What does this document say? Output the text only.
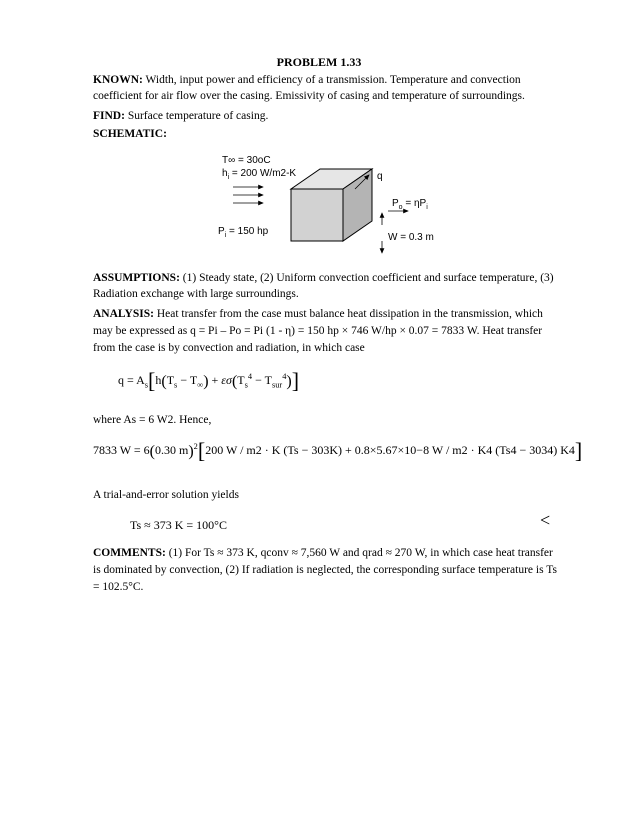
PROBLEM 1.33
KNOWN: Width, input power and efficiency of a transmission. Temperature and convection coefficient for air flow over the casing. Emissivity of casing and temperature of surroundings.
FIND: Surface temperature of casing.
SCHEMATIC:
T∞ = 30oC
$h_i = 200$ W/m2-K	q
$P_o = \eta P_i$
$P_i = 150$ hp
W = 0.3 m
ASSUMPTIONS: (1) Steady state, (2) Uniform convection coefficient and surface temperature, (3) Radiation exchange with large surroundings.
ANALYSIS: Heat transfer from the case must balance heat dissipation in the transmission, which may be expressed as q = Pi – Po = Pi (1 - η) = 150 hp × 746 W/hp × 0.07 = 7833 W. Heat transfer from the case is by convection and radiation, in which case
$q = A_s[h(T_s - T_\infty) + \varepsilon\sigma(T_s^4 - T_{sur}^4)]$
where As = 6 W2. Hence,
7833 W = 6(0.30 m)$^2$[200 W / m2 · K (Ts − 303K) + 0.8×5.67×10−8 W / m2 · K4 (Ts4 − 3034) K4]
A trial-and-error solution yields
Ts ≈ 373 K = 100°C	<
COMMENTS: (1) For Ts ≈ 373 K, qconv ≈ 7,560 W and qrad ≈ 270 W, in which case heat transfer is dominated by convection, (2) If radiation is neglected, the corresponding surface temperature is Ts = 102.5°C.
